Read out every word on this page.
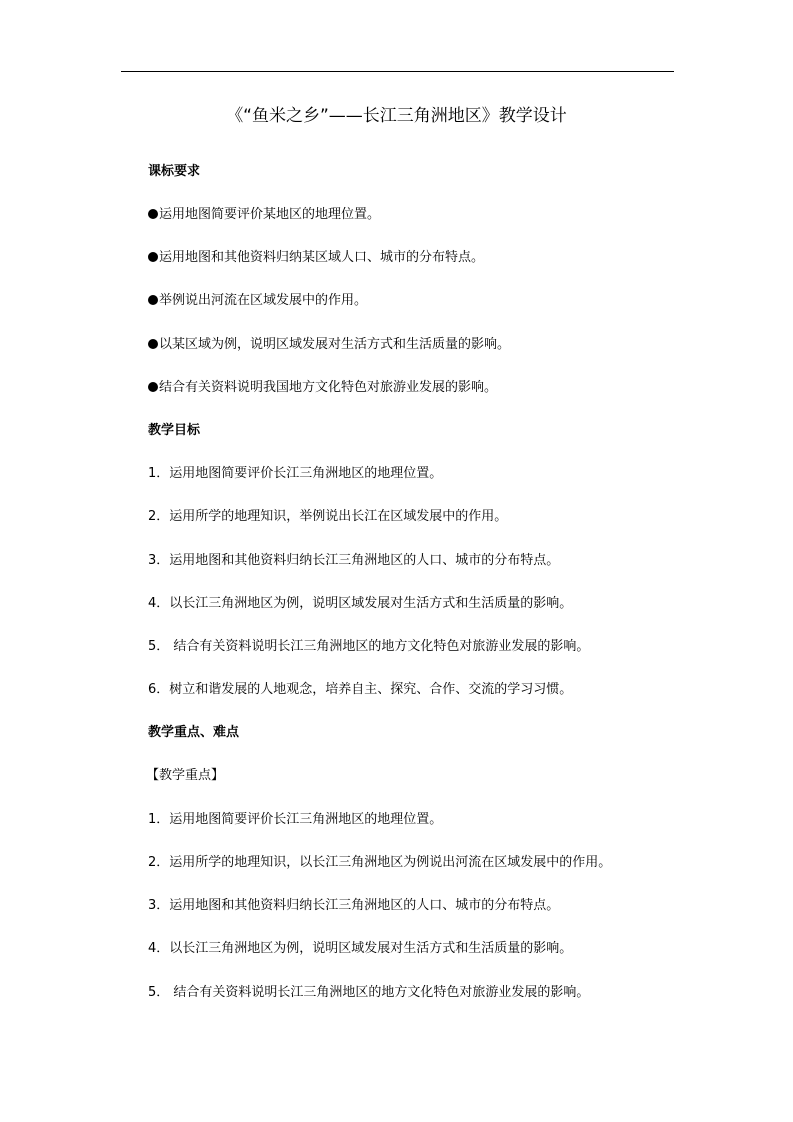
《“鱼米之乡”——长江三角洲地区》教学设计
课标要求
运用地图简要评价某地区的地理位置。
运用地图和其他资料归纳某区域人口、城市的分布特点。
举例说出河流在区域发展中的作用。
以某区域为例，说明区域发展对生活方式和生活质量的影响。
结合有关资料说明我国地方文化特色对旅游业发展的影响。
教学目标
1．运用地图简要评价长江三角洲地区的地理位置。
2．运用所学的地理知识，举例说出长江在区域发展中的作用。
3．运用地图和其他资料归纳长江三角洲地区的人口、城市的分布特点。
4．以长江三角洲地区为例，说明区域发展对生活方式和生活质量的影响。
5． 结合有关资料说明长江三角洲地区的地方文化特色对旅游业发展的影响。
6．树立和谐发展的人地观念，培养自主、探究、合作、交流的学习习惯。
教学重点、难点
【教学重点】
1．运用地图简要评价长江三角洲地区的地理位置。
2．运用所学的地理知识，以长江三角洲地区为例说出河流在区域发展中的作用。
3．运用地图和其他资料归纳长江三角洲地区的人口、城市的分布特点。
4．以长江三角洲地区为例，说明区域发展对生活方式和生活质量的影响。
5． 结合有关资料说明长江三角洲地区的地方文化特色对旅游业发展的影响。
